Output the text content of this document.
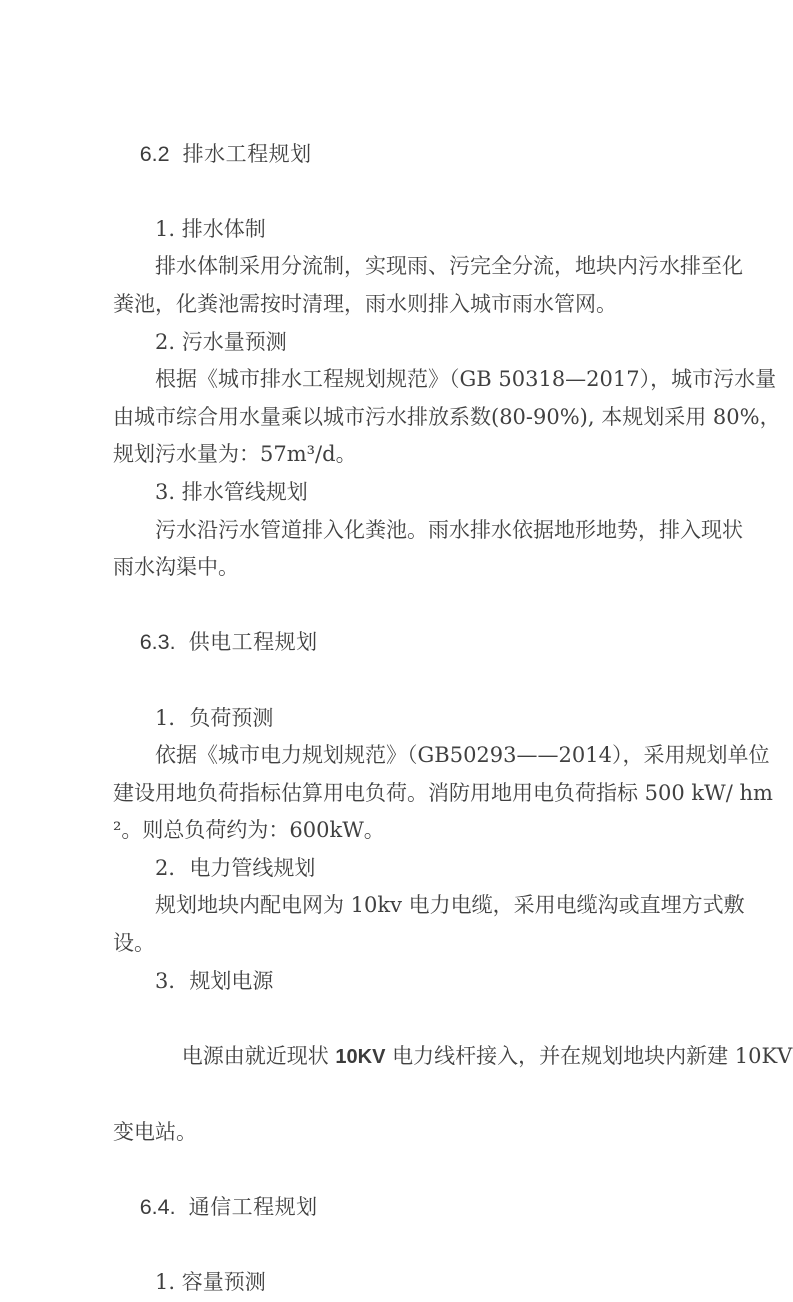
6.2 排水工程规划

1. 排水体制
排水体制采用分流制，实现雨、污完全分流，地块内污水排至化
粪池，化粪池需按时清理，雨水则排入城市雨水管网。
2. 污水量预测
根据《城市排水工程规划规范》（GB 50318—2017），城市污水量
由城市综合用水量乘以城市污水排放系数(80-90%), 本规划采用 80%，
规划污水量为：57m³/d。
3. 排水管线规划
污水沿污水管道排入化粪池。雨水排水依据地形地势，排入现状
雨水沟渠中。

6.3. 供电工程规划

1．负荷预测
依据《城市电力规划规范》（GB50293——2014），采用规划单位
建设用地负荷指标估算用电负荷。消防用地用电负荷指标 500 kW/ hm
²。则总负荷约为：600kW。
2．电力管线规划
规划地块内配电网为 10kv 电力电缆，采用电缆沟或直埋方式敷
设。
3．规划电源

电源由就近现状 10KV 电力线杆接入，并在规划地块内新建 10KV

变电站。

6.4. 通信工程规划

1. 容量预测
